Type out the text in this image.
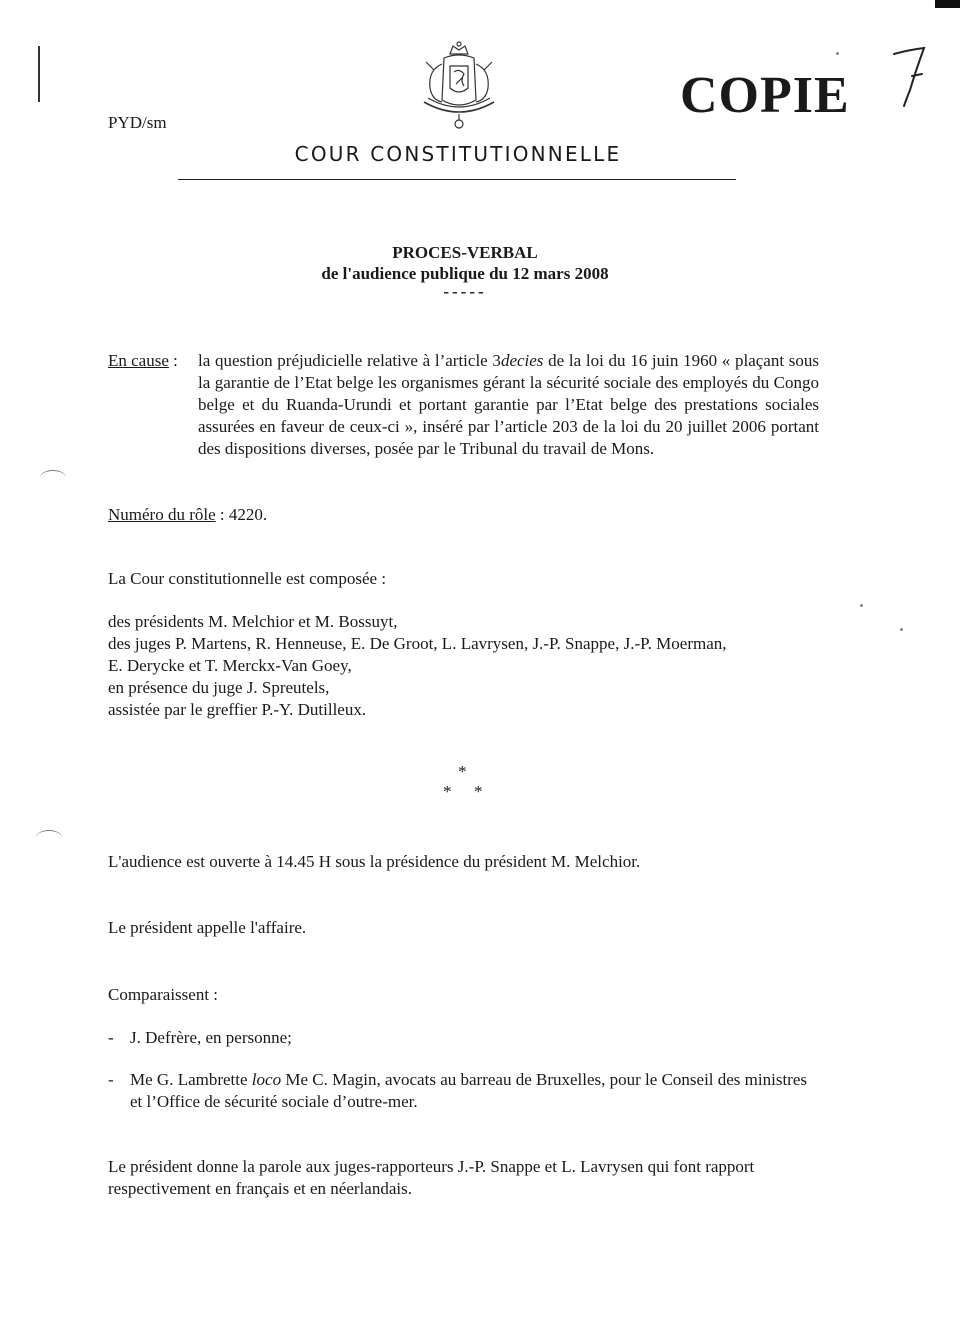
PYD/sm	COPIE
COUR CONSTITUTIONNELLE
PROCES-VERBAL
de l'audience publique du 12 mars 2008
-----
En cause : la question préjudicielle relative à l’article 3decies de la loi du 16 juin 1960 « plaçant sous la garantie de l’Etat belge les organismes gérant la sécurité sociale des employés du Congo belge et du Ruanda-Urundi et portant garantie par l’Etat belge des prestations sociales assurées en faveur de ceux-ci », inséré par l’article 203 de la loi du 20 juillet 2006 portant des dispositions diverses, posée par le Tribunal du travail de Mons.
Numéro du rôle : 4220.
La Cour constitutionnelle est composée :
des présidents M. Melchior et M. Bossuyt,
des juges P. Martens, R. Henneuse, E. De Groot, L. Lavrysen, J.-P. Snappe, J.-P. Moerman,
E. Derycke et T. Merckx-Van Goey,
en présence du juge J. Spreutels,
assistée par le greffier P.-Y. Dutilleux.
*
* *
L'audience est ouverte à 14.45 H sous la présidence du président M. Melchior.
Le président appelle l'affaire.
Comparaissent :
- J. Defrère, en personne;
- Me G. Lambrette loco Me C. Magin, avocats au barreau de Bruxelles, pour le Conseil des ministres et l’Office de sécurité sociale d’outre-mer.
Le président donne la parole aux juges-rapporteurs J.-P. Snappe et L. Lavrysen qui font rapport respectivement en français et en néerlandais.
